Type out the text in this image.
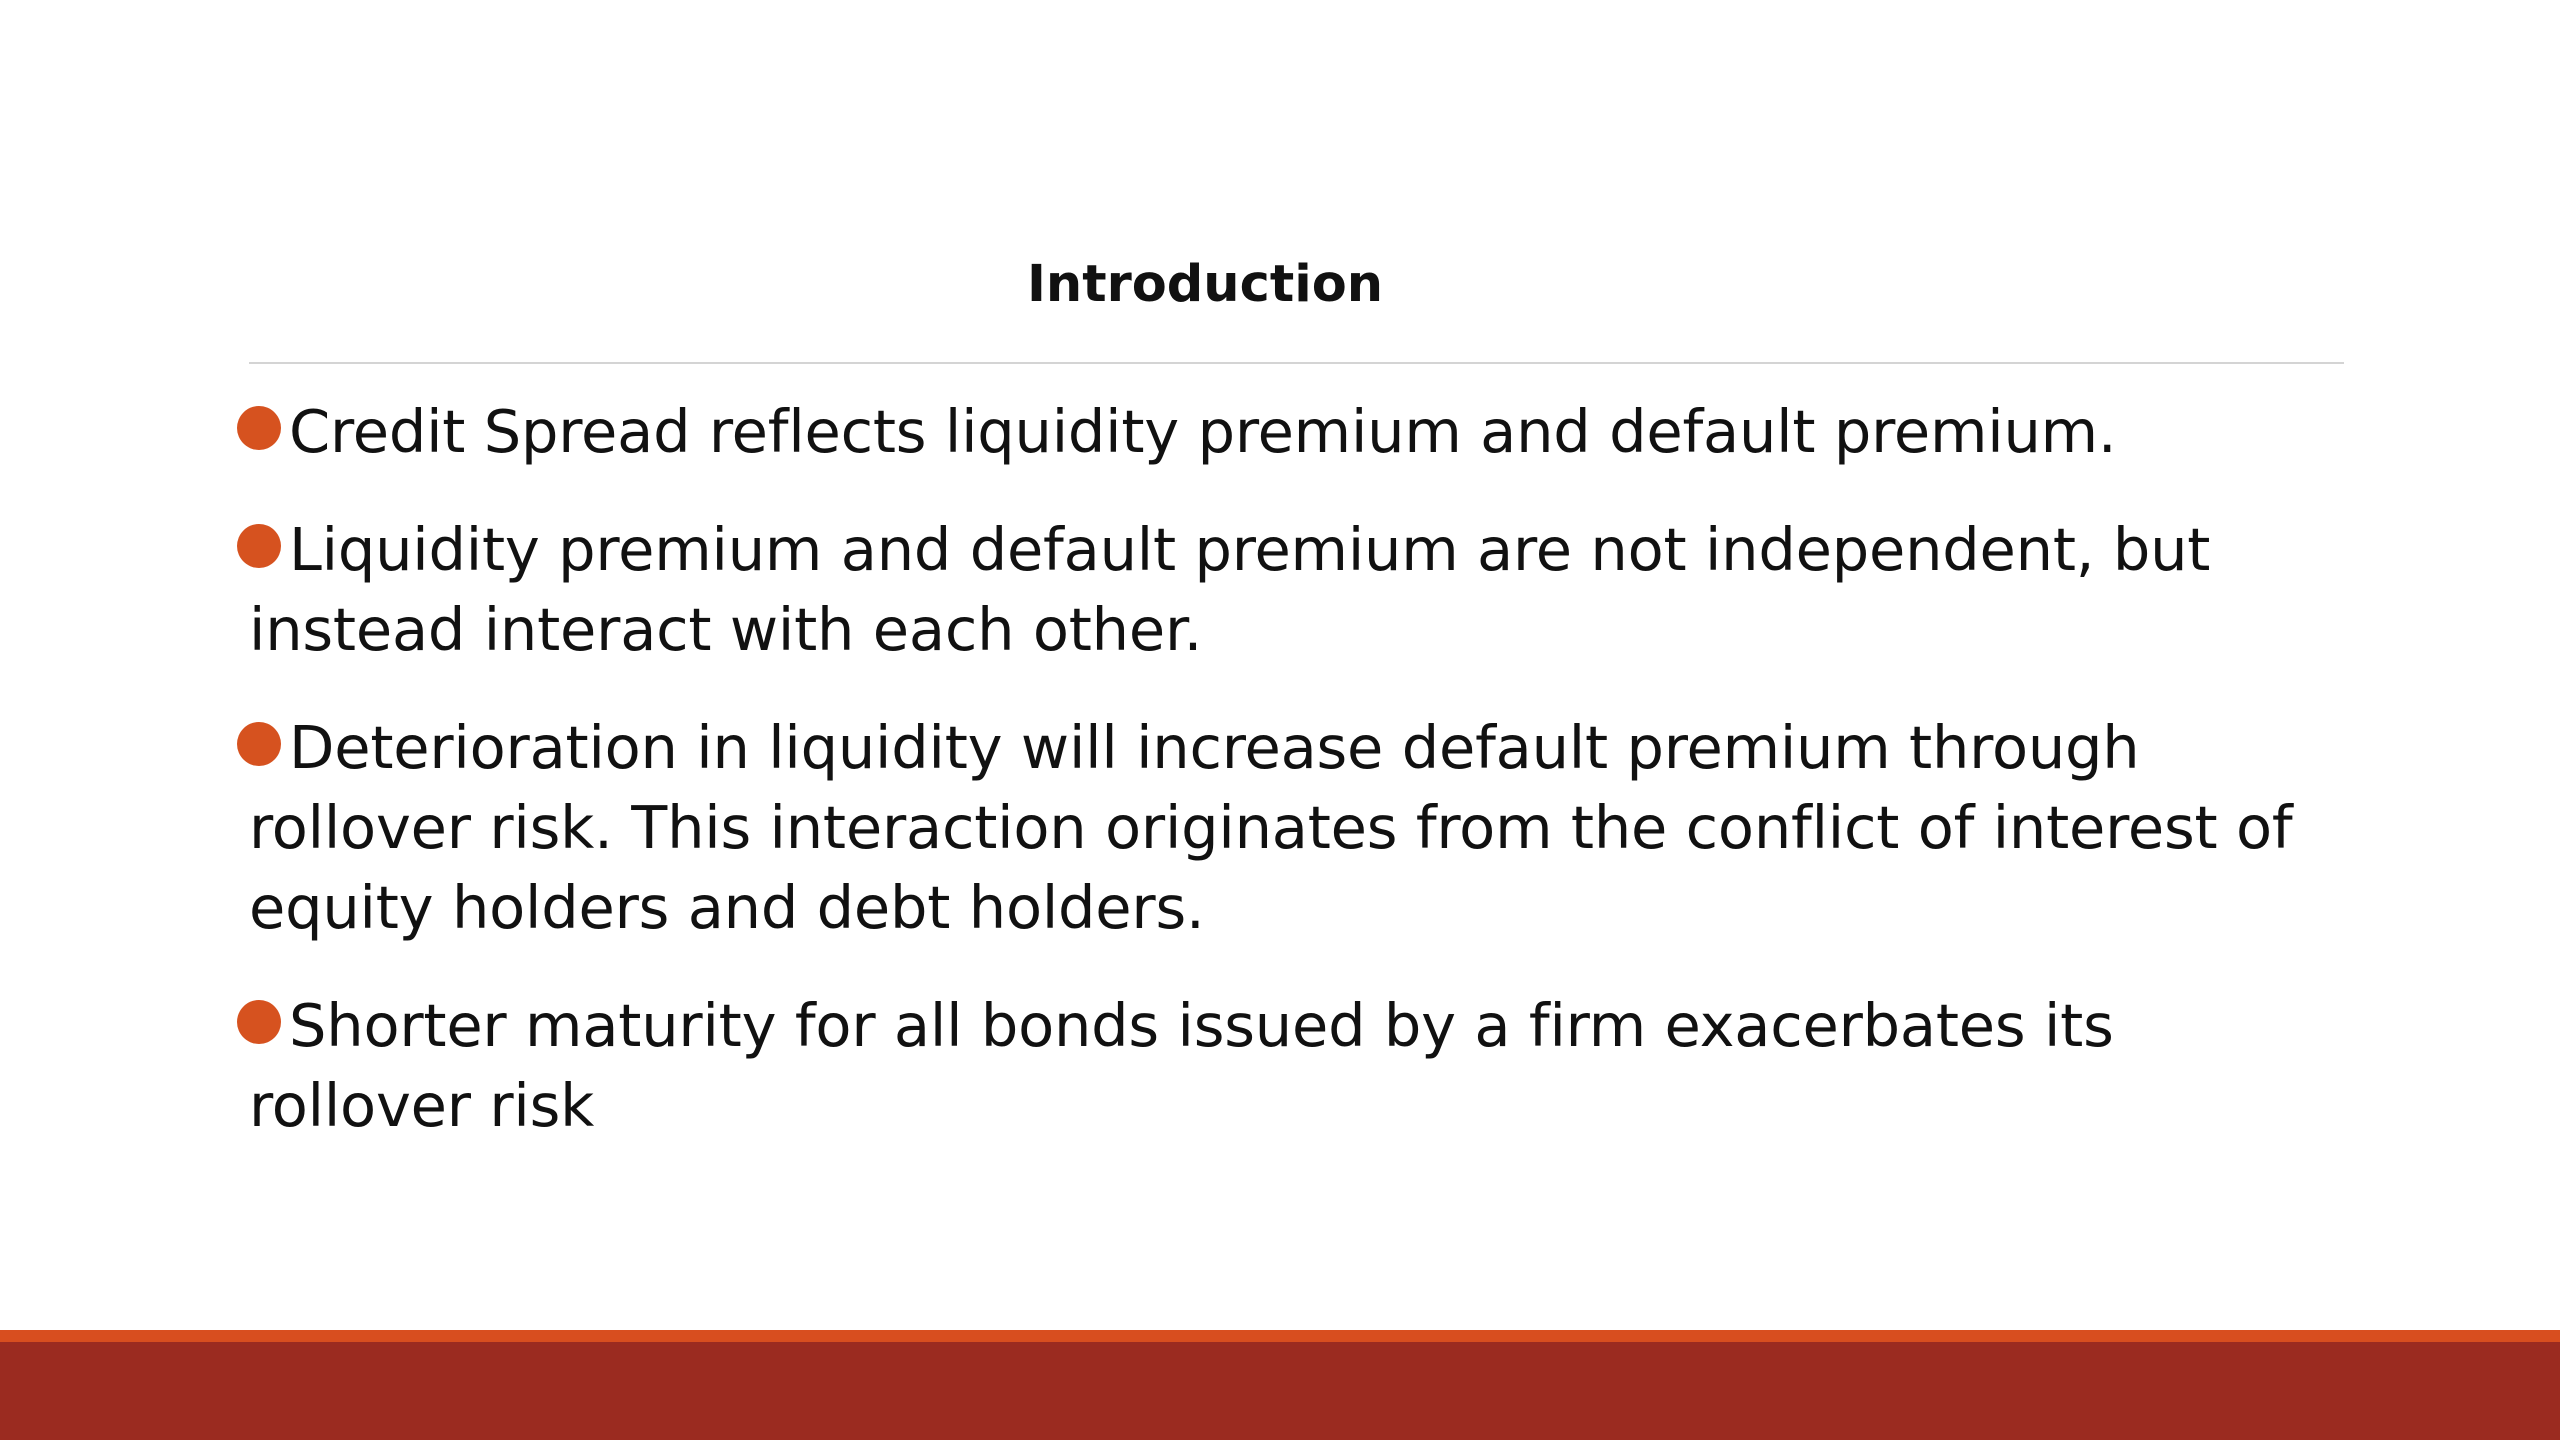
Introduction
Credit Spread reflects liquidity premium and default premium.
Liquidity premium and default premium are not independent, but instead interact with each other.
Deterioration in liquidity will increase default premium through rollover risk. This interaction originates from the conflict of interest of equity holders and debt holders.
Shorter maturity for all bonds issued by a firm exacerbates its rollover risk
